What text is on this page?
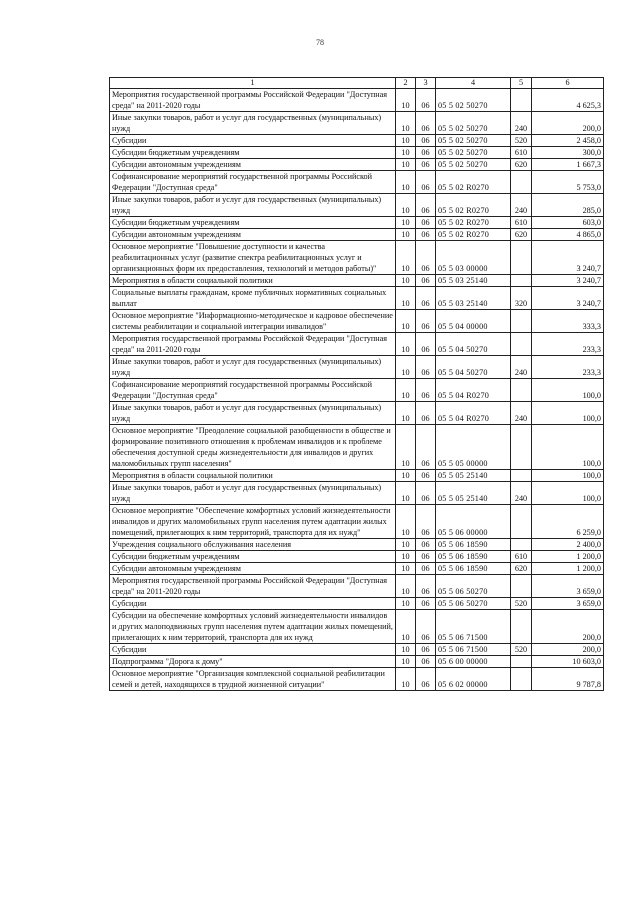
78
1	2	3	4	5	6
Мероприятия государственной программы Российской Федерации "Доступная среда" на 2011-2020 годы	10	06	05 5 02 50270		4 625,3
Иные закупки товаров, работ и услуг для государственных (муниципальных) нужд	10	06	05 5 02 50270	240	200,0
Субсидии	10	06	05 5 02 50270	520	2 458,0
Субсидии бюджетным учреждениям	10	06	05 5 02 50270	610	300,0
Субсидии автономным учреждениям	10	06	05 5 02 50270	620	1 667,3
Софинансирование мероприятий государственной программы Российской Федерации "Доступная среда"	10	06	05 5 02 R0270		5 753,0
Иные закупки товаров, работ и услуг для государственных (муниципальных) нужд	10	06	05 5 02 R0270	240	285,0
Субсидии бюджетным учреждениям	10	06	05 5 02 R0270	610	603,0
Субсидии автономным учреждениям	10	06	05 5 02 R0270	620	4 865,0
Основное мероприятие "Повышение доступности и качества реабилитационных услуг (развитие спектра реабилитационных услуг и организационных форм их предоставления, технологий и методов работы)"	10	06	05 5 03 00000		3 240,7
Мероприятия в области социальной политики	10	06	05 5 03 25140		3 240,7
Социальные выплаты гражданам, кроме публичных нормативных социальных выплат	10	06	05 5 03 25140	320	3 240,7
Основное мероприятие "Информационно-методическое и кадровое обеспечение системы реабилитации и социальной интеграции инвалидов"	10	06	05 5 04 00000		333,3
Мероприятия государственной программы Российской Федерации "Доступная среда" на 2011-2020 годы	10	06	05 5 04 50270		233,3
Иные закупки товаров, работ и услуг для государственных (муниципальных) нужд	10	06	05 5 04 50270	240	233,3
Софинансирование мероприятий государственной программы Российской Федерации "Доступная среда"	10	06	05 5 04 R0270		100,0
Иные закупки товаров, работ и услуг для государственных (муниципальных) нужд	10	06	05 5 04 R0270	240	100,0
Основное мероприятие "Преодоление социальной разобщенности в обществе и формирование позитивного отношения к проблемам инвалидов и к проблеме обеспечения доступной среды жизнедеятельности для инвалидов и других маломобильных групп населения"	10	06	05 5 05 00000		100,0
Мероприятия в области социальной политики	10	06	05 5 05 25140		100,0
Иные закупки товаров, работ и услуг для государственных (муниципальных) нужд	10	06	05 5 05 25140	240	100,0
Основное мероприятие "Обеспечение комфортных условий жизнедеятельности инвалидов и других маломобильных групп населения путем адаптации жилых помещений, прилегающих к ним территорий, транспорта для их нужд"	10	06	05 5 06 00000		6 259,0
Учреждения социального обслуживания населения	10	06	05 5 06 18590		2 400,0
Субсидии бюджетным учреждениям	10	06	05 5 06 18590	610	1 200,0
Субсидии автономным учреждениям	10	06	05 5 06 18590	620	1 200,0
Мероприятия государственной программы Российской Федерации "Доступная среда" на 2011-2020 годы	10	06	05 5 06 50270		3 659,0
Субсидии	10	06	05 5 06 50270	520	3 659,0
Субсидии на обеспечение комфортных условий жизнедеятельности инвалидов и других малоподвижных групп населения путем адаптации жилых помещений, прилегающих к ним территорий, транспорта для их нужд	10	06	05 5 06 71500		200,0
Субсидии	10	06	05 5 06 71500	520	200,0
Подпрограмма "Дорога к дому"	10	06	05 6 00 00000		10 603,0
Основное мероприятие "Организация комплексной социальной реабилитации семей и детей, находящихся в трудной жизненной ситуации"	10	06	05 6 02 00000		9 787,8
